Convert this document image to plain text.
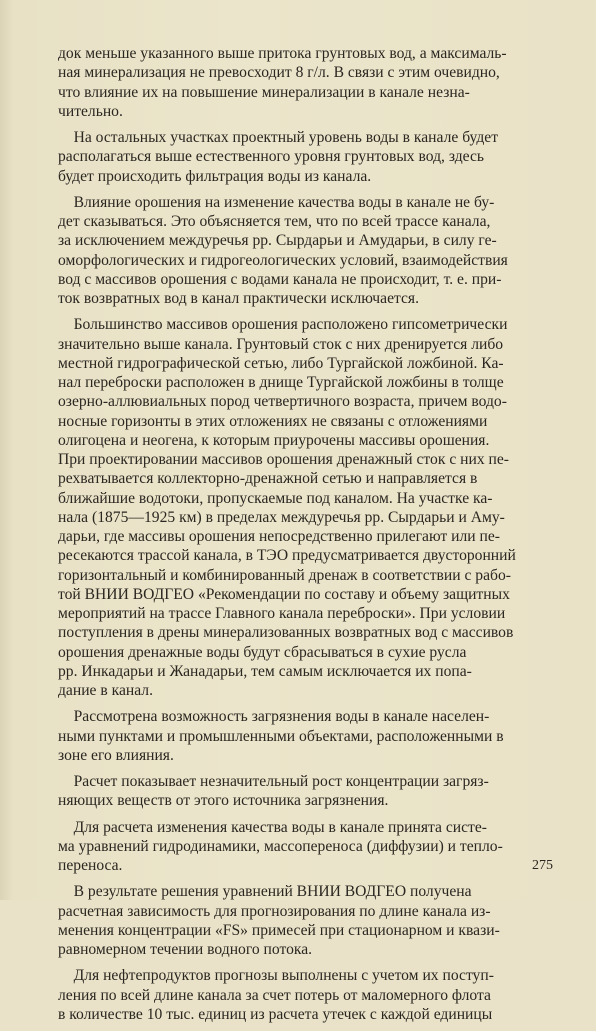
док меньше указанного выше притока грунтовых вод, а максималь-
ная минерализация не превосходит 8 г/л. В связи с этим очевидно,
что влияние их на повышение минерализации в канале незна-
чительно.

На остальных участках проектный уровень воды в канале будет
располагаться выше естественного уровня грунтовых вод, здесь
будет происходить фильтрация воды из канала.

Влияние орошения на изменение качества воды в канале не бу-
дет сказываться. Это объясняется тем, что по всей трассе канала,
за исключением междуречья рр. Сырдарьи и Амударьи, в силу ге-
оморфологических и гидрогеологических условий, взаимодействия
вод с массивов орошения с водами канала не происходит, т. е. при-
ток возвратных вод в канал практически исключается.

Большинство массивов орошения расположено гипсометрически
значительно выше канала. Грунтовый сток с них дренируется либо
местной гидрографической сетью, либо Тургайской ложбиной. Ка-
нал переброски расположен в днище Тургайской ложбины в толще
озерно-аллювиальных пород четвертичного возраста, причем водо-
носные горизонты в этих отложениях не связаны с отложениями
олигоцена и неогена, к которым приурочены массивы орошения.
При проектировании массивов орошения дренажный сток с них пе-
рехватывается коллекторно-дренажной сетью и направляется в
ближайшие водотоки, пропускаемые под каналом. На участке ка-
нала (1875—1925 км) в пределах междуречья рр. Сырдарьи и Аму-
дарьи, где массивы орошения непосредственно прилегают или пе-
ресекаются трассой канала, в ТЭО предусматривается двусторонний
горизонтальный и комбинированный дренаж в соответствии с рабо-
той ВНИИ ВОДГЕО «Рекомендации по составу и объему защитных
мероприятий на трассе Главного канала переброски». При условии
поступления в дрены минерализованных возвратных вод с массивов
орошения дренажные воды будут сбрасываться в сухие русла
рр. Инкадарьи и Жанадарьи, тем самым исключается их попа-
дание в канал.

Рассмотрена возможность загрязнения воды в канале населен-
ными пунктами и промышленными объектами, расположенными в
зоне его влияния.

Расчет показывает незначительный рост концентрации загряз-
няющих веществ от этого источника загрязнения.

Для расчета изменения качества воды в канале принята систе-
ма уравнений гидродинамики, массопереноса (диффузии) и тепло-
переноса.

В результате решения уравнений ВНИИ ВОДГЕО получена
расчетная зависимость для прогнозирования по длине канала из-
менения концентрации «FS» примесей при стационарном и квази-
равномерном течении водного потока.

Для нефтепродуктов прогнозы выполнены с учетом их поступ-
ления по всей длине канала за счет потерь от маломерного флота
в количестве 10 тыс. единиц из расчета утечек с каждой единицы

275
